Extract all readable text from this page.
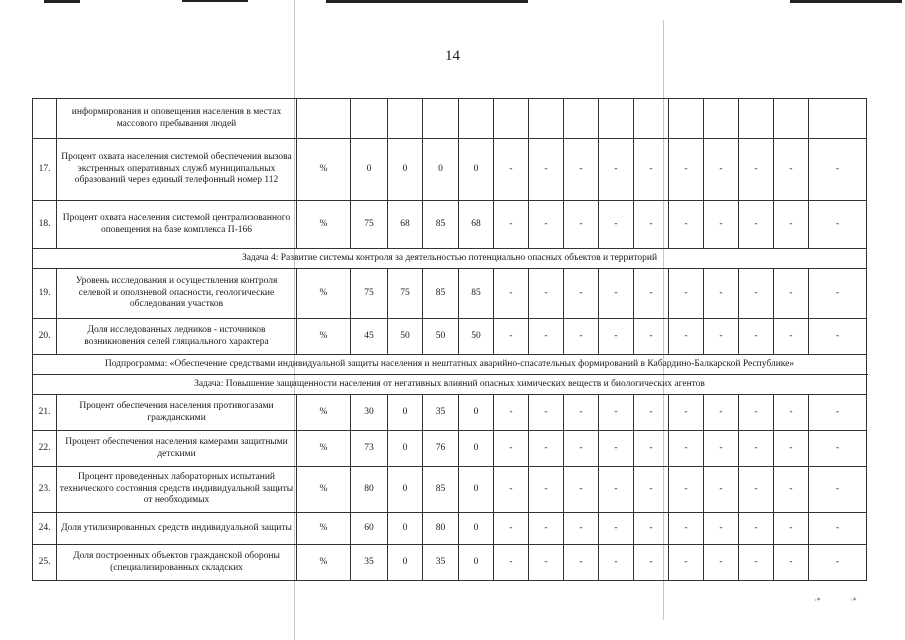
14
	информирования и оповещения населения в местах массового пребывания людей															
17.	Процент охвата населения системой обеспечения вызова экстренных оперативных служб муниципальных образований через единый телефонный номер 112	%	0	0	0	0	-	-	-	-	-	-	-	-	-	-
18.	Процент охвата населения системой централизованного оповещения на базе комплекса П-166	%	75	68	85	68	-	-	-	-	-	-	-	-	-	-
Задача 4: Развитие системы контроля за деятельностью потенциально опасных объектов и территорий																
19.	Уровень исследования и осуществления контроля селевой и оползневой опасности, геологические обследования участков	%	75	75	85	85	-	-	-	-	-	-	-	-	-	-
20.	Доля исследованных ледников - источников возникновения селей гляциального характера	%	45	50	50	50	-	-	-	-	-	-	-	-	-	-
Подпрограмма: «Обеспечение средствами индивидуальной защиты населения и нештатных аварийно-спасательных формирований в Кабардино-Балкарской Республике»																
Задача: Повышение защищенности населения от негативных влияний опасных химических веществ и биологических агентов																
21.	Процент обеспечения населения противогазами гражданскими	%	30	0	35	0	-	-	-	-	-	-	-	-	-	-
22.	Процент обеспечения населения камерами защитными детскими	%	73	0	76	0	-	-	-	-	-	-	-	-	-	-
23.	Процент проведенных лабораторных испытаний технического состояния средств индивидуальной защиты от необходимых	%	80	0	85	0	-	-	-	-	-	-	-	-	-	-
24.	Доля утилизированных средств индивидуальной защиты	%	60	0	80	0	-	-	-	-	-	-	-	-	-	-
25.	Доля построенных объектов гражданской обороны (специализированных складских	%	35	0	35	0	-	-	-	-	-	-	-	-	-	-
·*	·*
